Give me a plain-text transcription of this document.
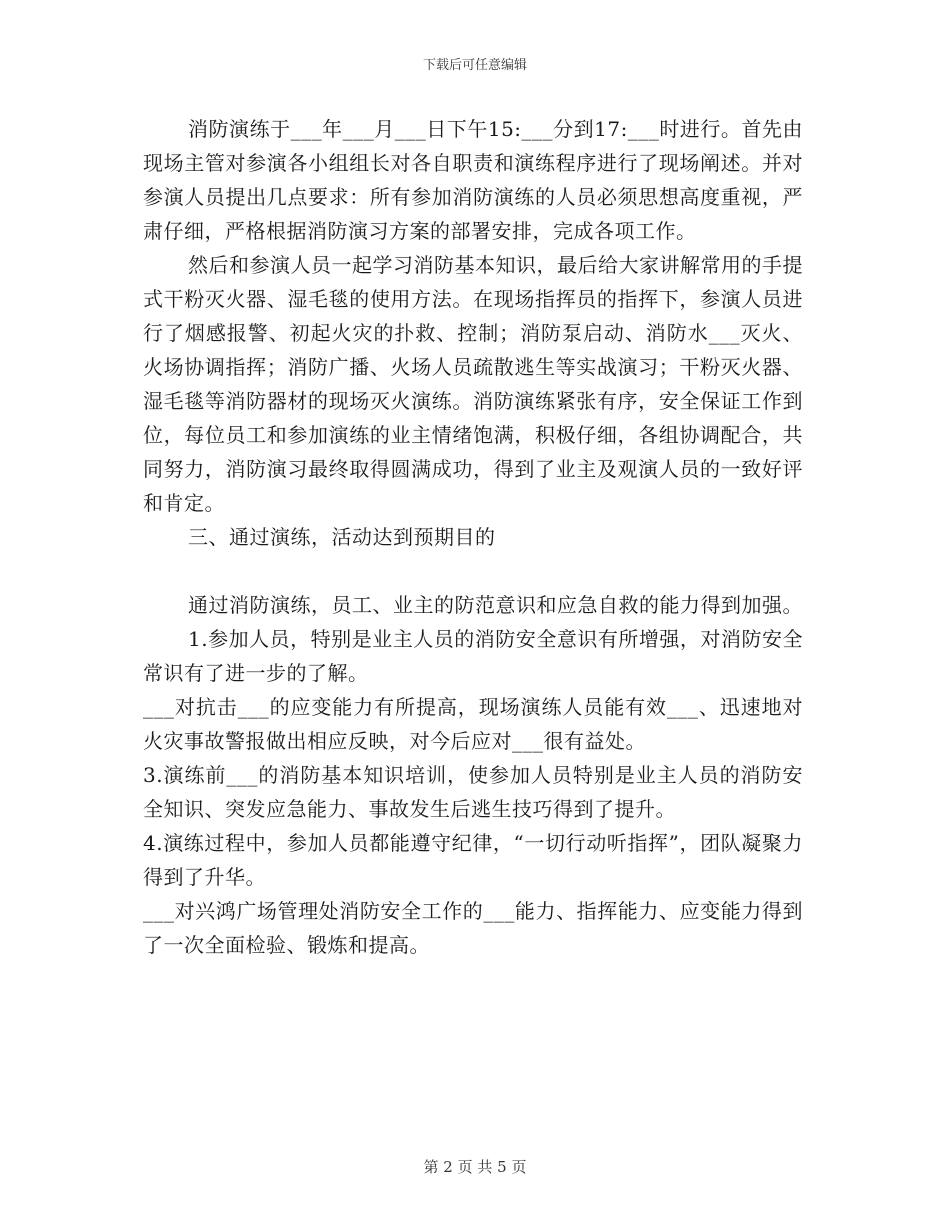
下载后可任意编辑

消防演练于___年___月___日下午15:___分到17:___时进行。首先由现场主管对参演各小组组长对各自职责和演练程序进行了现场阐述。并对参演人员提出几点要求：所有参加消防演练的人员必须思想高度重视，严肃仔细，严格根据消防演习方案的部署安排，完成各项工作。

然后和参演人员一起学习消防基本知识，最后给大家讲解常用的手提式干粉灭火器、湿毛毯的使用方法。在现场指挥员的指挥下，参演人员进行了烟感报警、初起火灾的扑救、控制；消防泵启动、消防水___灭火、火场协调指挥；消防广播、火场人员疏散逃生等实战演习；干粉灭火器、湿毛毯等消防器材的现场灭火演练。消防演练紧张有序，安全保证工作到位，每位员工和参加演练的业主情绪饱满，积极仔细，各组协调配合，共同努力，消防演习最终取得圆满成功，得到了业主及观演人员的一致好评和肯定。

三、通过演练，活动达到预期目的

通过消防演练，员工、业主的防范意识和应急自救的能力得到加强。

1.参加人员，特别是业主人员的消防安全意识有所增强，对消防安全常识有了进一步的了解。

___对抗击___的应变能力有所提高，现场演练人员能有效___、迅速地对火灾事故警报做出相应反映，对今后应对___很有益处。

3.演练前___的消防基本知识培训，使参加人员特别是业主人员的消防安全知识、突发应急能力、事故发生后逃生技巧得到了提升。

4.演练过程中，参加人员都能遵守纪律，“一切行动听指挥”，团队凝聚力得到了升华。

___对兴鸿广场管理处消防安全工作的___能力、指挥能力、应变能力得到了一次全面检验、锻炼和提高。

第 2 页 共 5 页
